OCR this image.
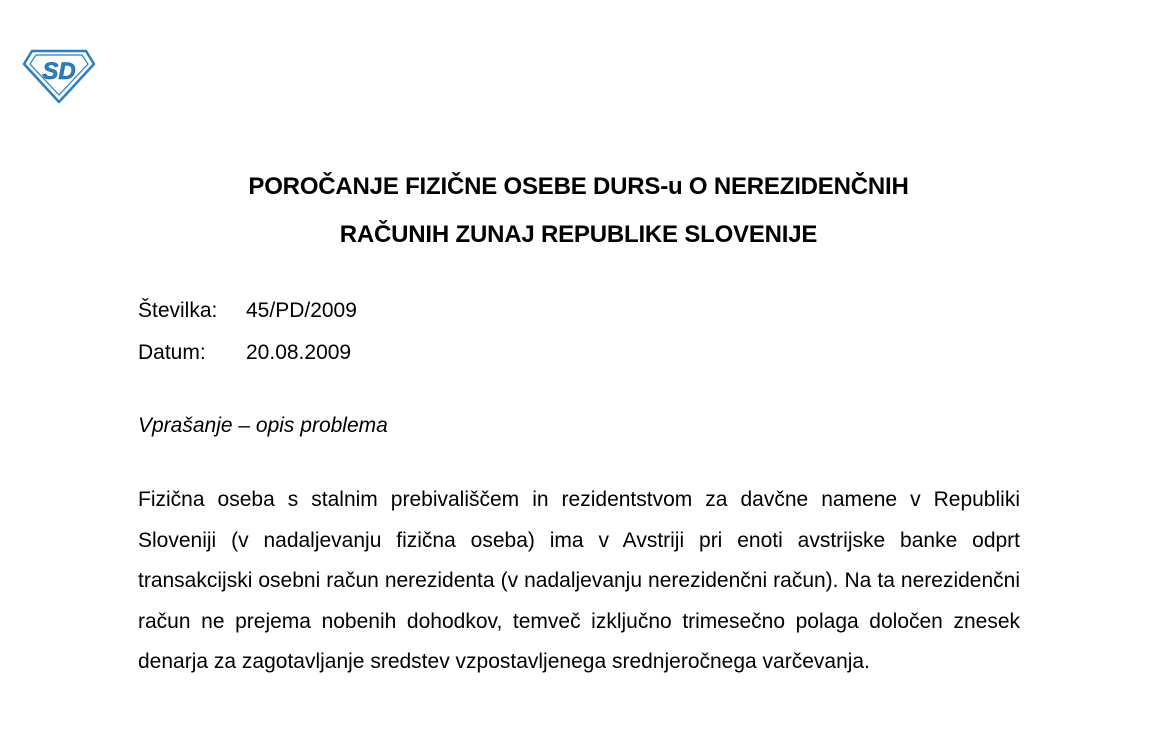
SD
POROČANJE FIZIČNE OSEBE DURS-u O NEREZIDENČNIH
RAČUNIH ZUNAJ REPUBLIKE SLOVENIJE
Številka: 45/PD/2009
Datum: 20.08.2009
Vprašanje – opis problema

Fizična oseba s stalnim prebivališčem in rezidentstvom za davčne namene v Republiki Sloveniji (v nadaljevanju fizična oseba) ima v Avstriji pri enoti avstrijske banke odprt transakcijski osebni račun nerezidenta (v nadaljevanju nerezidenčni račun). Na ta nerezidenčni račun ne prejema nobenih dohodkov, temveč izključno trimesečno polaga določen znesek denarja za zagotavljanje sredstev vzpostavljenega srednjeročnega varčevanja.
